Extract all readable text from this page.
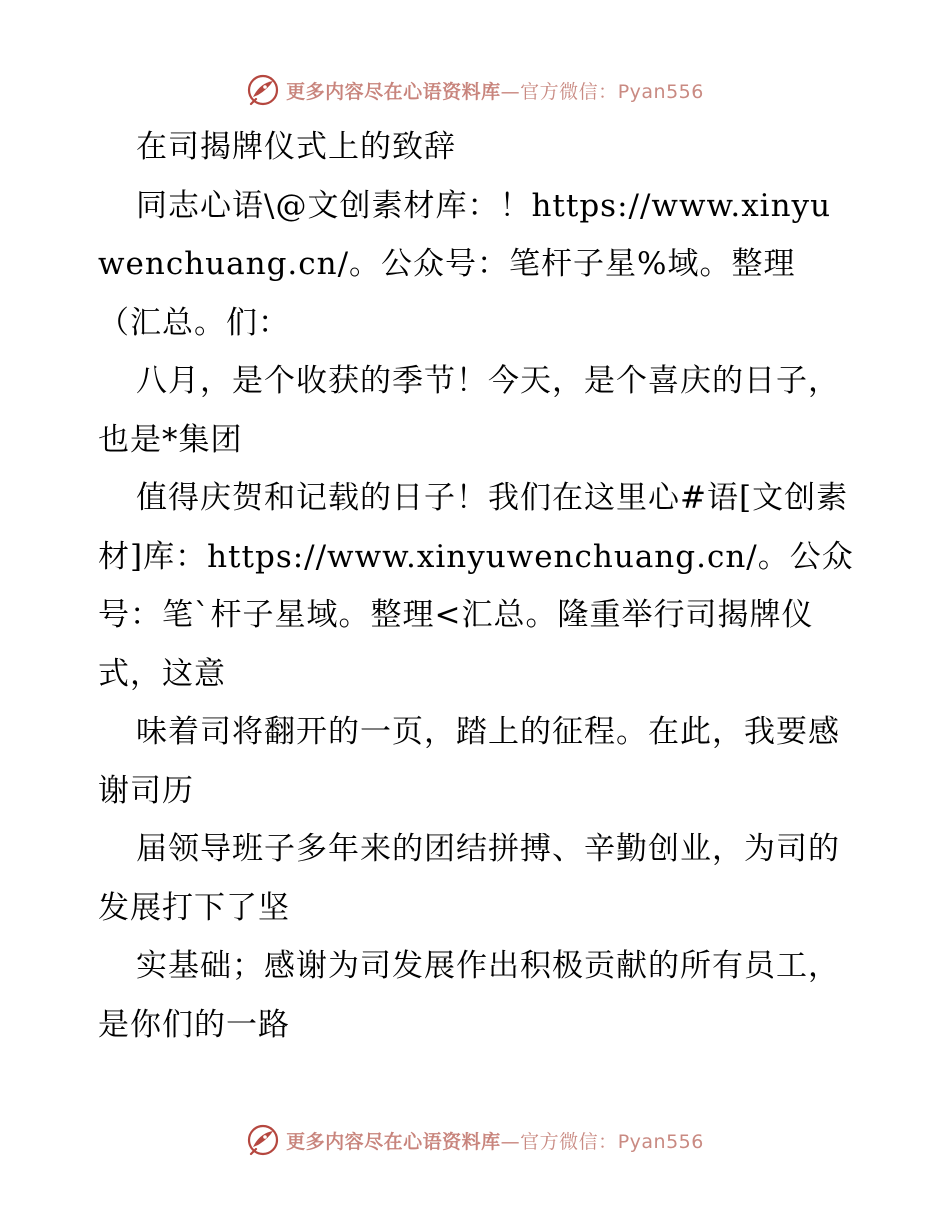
更多内容尽在心语资料库—官方微信：Pyan556

在司揭牌仪式上的致辞

同志心语\@文创素材库：！https://www.xinyuwenchuang.cn/。公众号：笔杆子星%域。整理（汇总。们：

八月，是个收获的季节！今天，是个喜庆的日子，也是*集团

值得庆贺和记载的日子！我们在这里心#语[文创素材]库：https://www.xinyuwenchuang.cn/。公众号：笔`杆子星域。整理<汇总。隆重举行司揭牌仪式，这意

味着司将翻开的一页，踏上的征程。在此，我要感谢司历

届领导班子多年来的团结拼搏、辛勤创业，为司的发展打下了坚

实基础；感谢为司发展作出积极贡献的所有员工，是你们的一路

更多内容尽在心语资料库—官方微信：Pyan556
